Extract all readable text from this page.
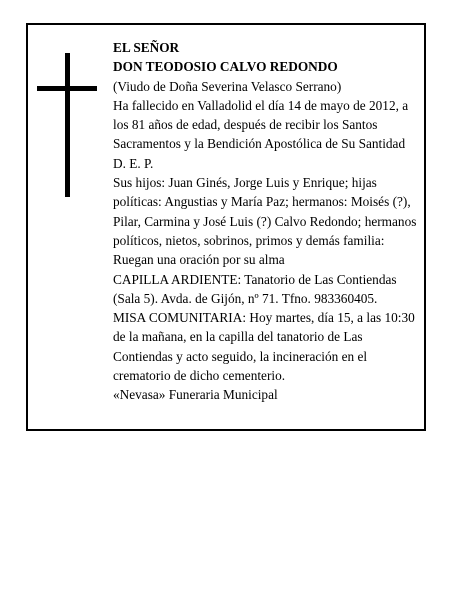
EL SEÑOR

DON TEODOSIO CALVO REDONDO

(Viudo de Doña Severina Velasco Serrano)

Ha fallecido en Valladolid el día 14 de mayo de 2012, a los 81 años de edad, después de recibir los Santos Sacramentos y la Bendición Apostólica de Su Santidad D. E. P.

Sus hijos: Juan Ginés, Jorge Luis y Enrique; hijas políticas: Angustias y María Paz; hermanos: Moisés (?), Pilar, Carmina y José Luis (?) Calvo Redondo; hermanos políticos, nietos, sobrinos, primos y demás familia:

Ruegan una oración por su alma

CAPILLA ARDIENTE: Tanatorio de Las Contiendas (Sala 5). Avda. de Gijón, nº 71. Tfno. 983360405.

MISA COMUNITARIA: Hoy martes, día 15, a las 10:30 de la mañana, en la capilla del tanatorio de Las Contiendas y acto seguido, la incineración en el crematorio de dicho cementerio.

«Nevasa» Funeraria Municipal
